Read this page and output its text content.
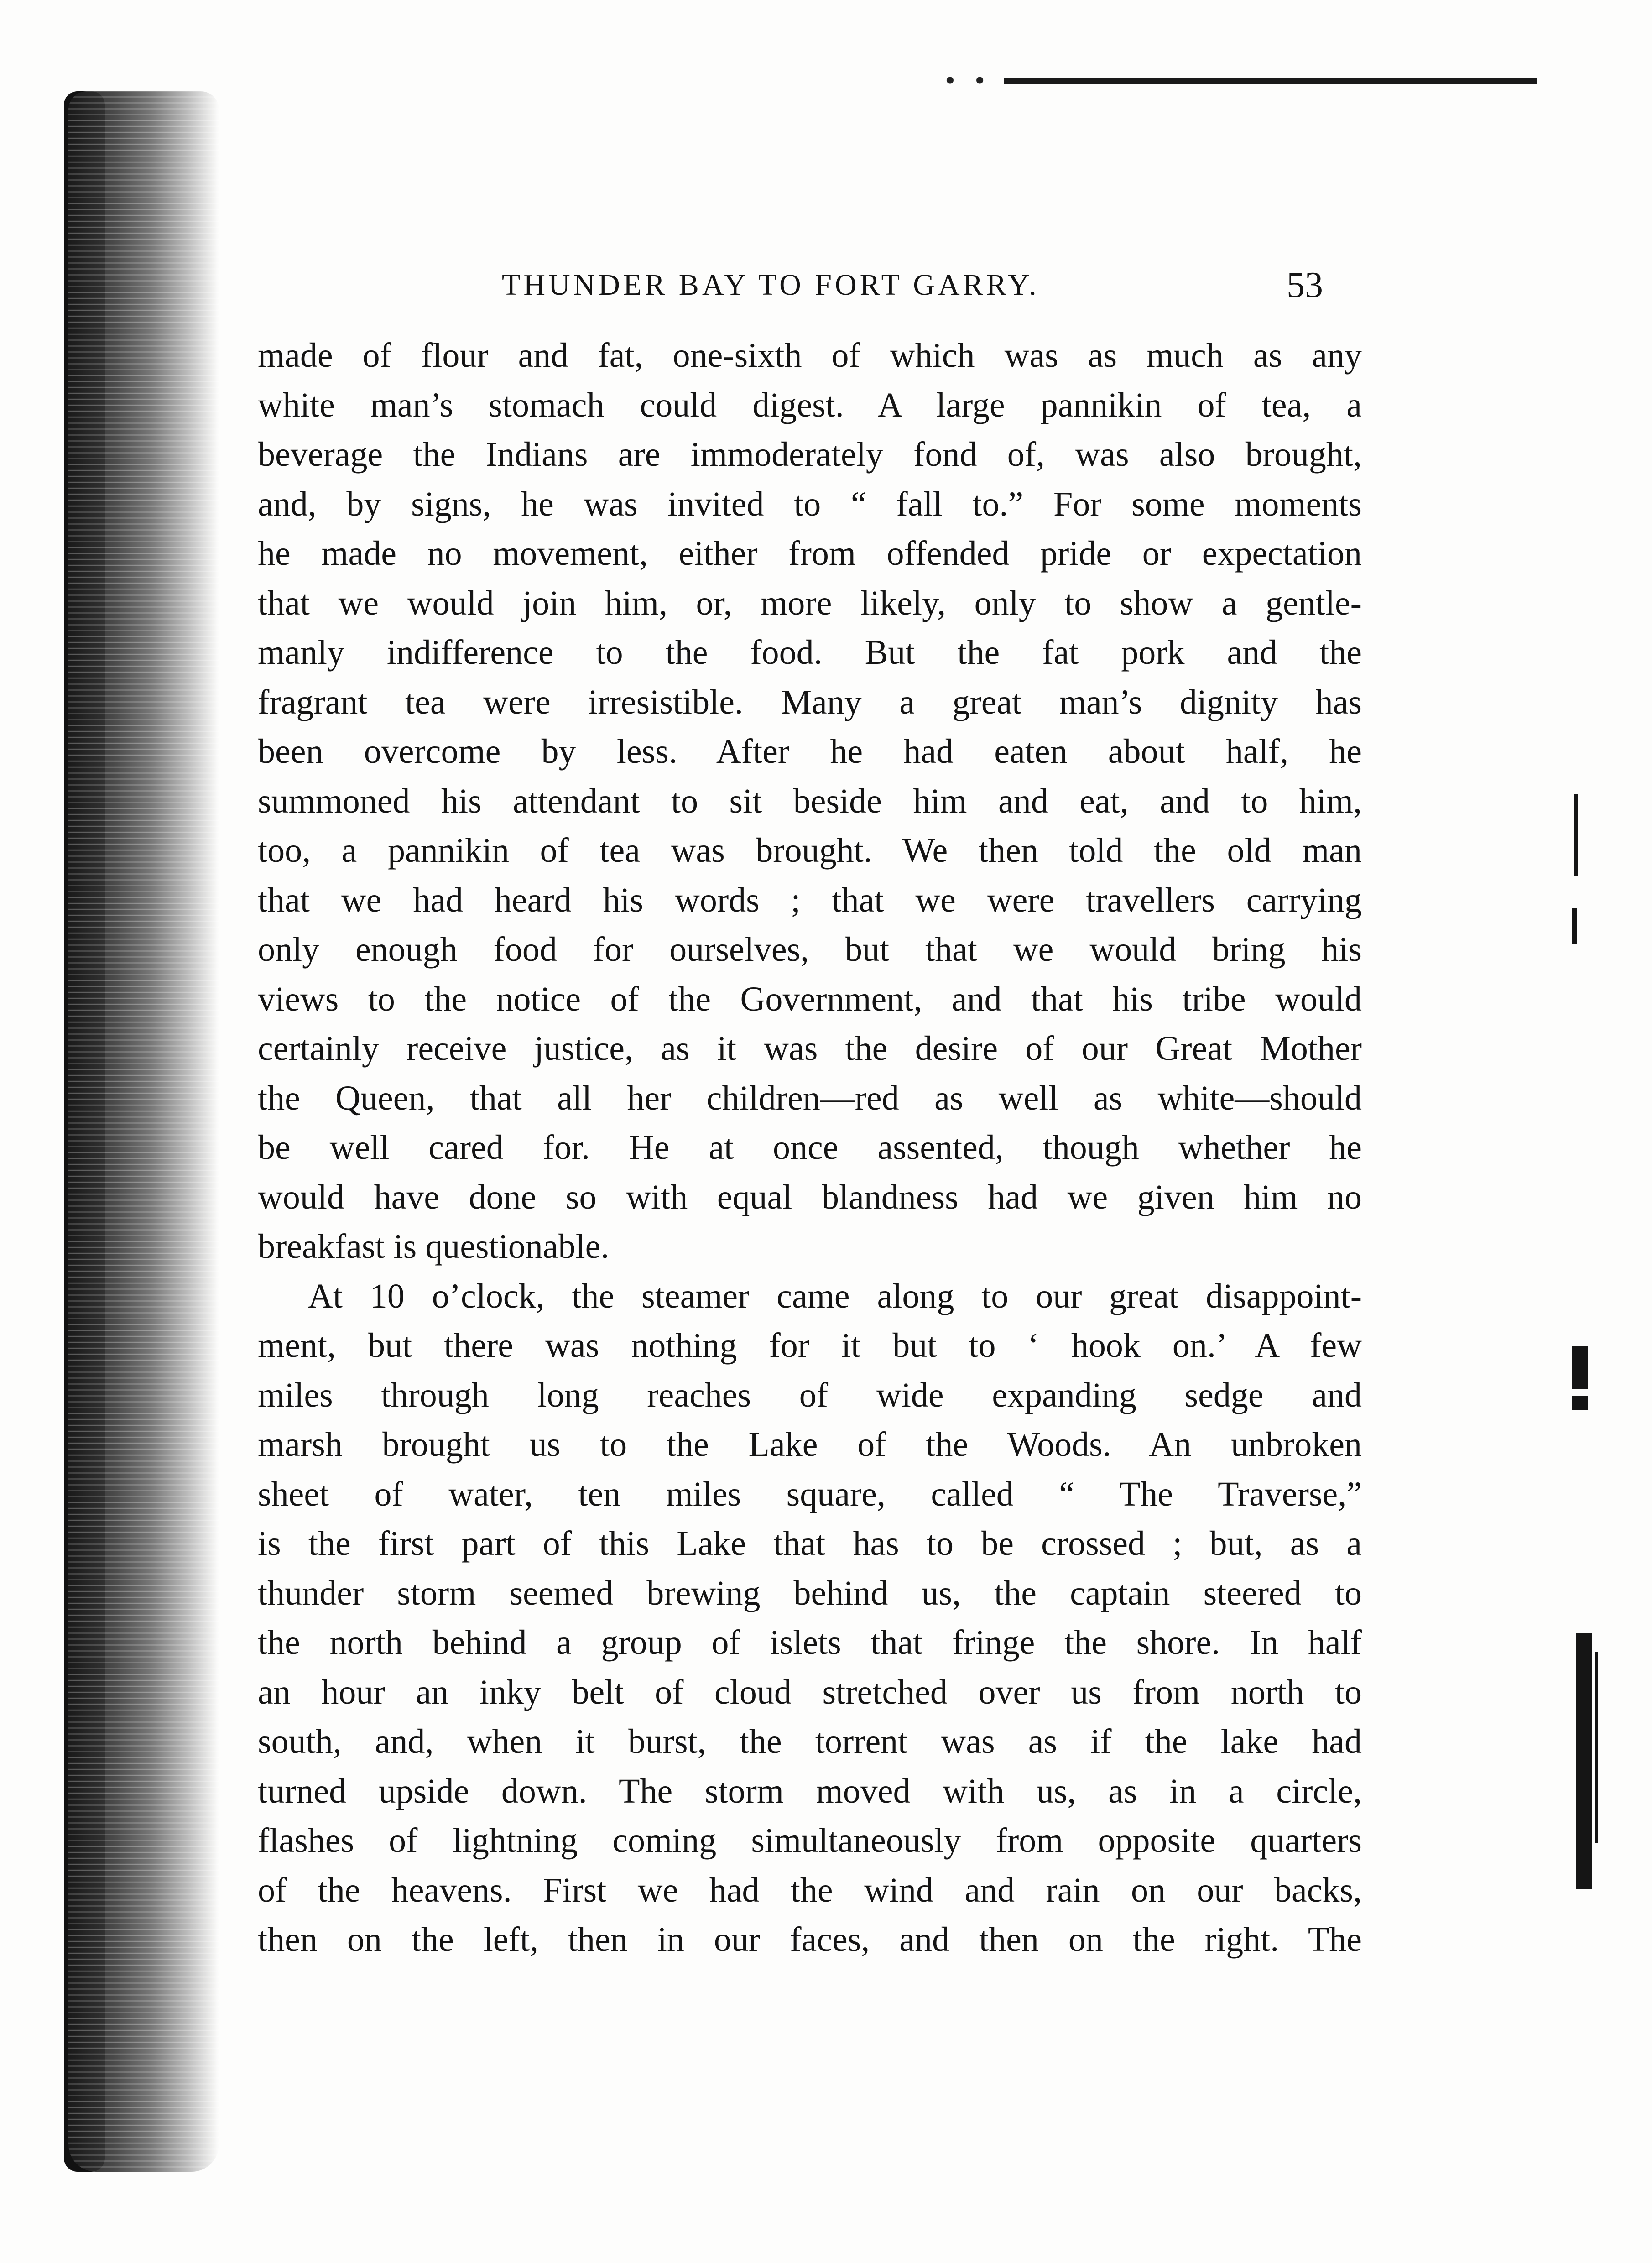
THUNDER BAY TO FORT GARRY.	53
made of flour and fat, one-sixth of which was as much as any
white man’s stomach could digest. A large pannikin of tea, a
beverage the Indians are immoderately fond of, was also brought,
and, by signs, he was invited to “ fall to.” For some moments
he made no movement, either from offended pride or expectation
that we would join him, or, more likely, only to show a gentle-
manly indifference to the food. But the fat pork and the
fragrant tea were irresistible. Many a great man’s dignity has
been overcome by less. After he had eaten about half, he
summoned his attendant to sit beside him and eat, and to him,
too, a pannikin of tea was brought. We then told the old man
that we had heard his words ; that we were travellers carrying
only enough food for ourselves, but that we would bring his
views to the notice of the Government, and that his tribe would
certainly receive justice, as it was the desire of our Great Mother
the Queen, that all her children—red as well as white—should
be well cared for. He at once assented, though whether he
would have done so with equal blandness had we given him no
breakfast is questionable.
At 10 o’clock, the steamer came along to our great disappoint-
ment, but there was nothing for it but to ‘ hook on.’ A few
miles through long reaches of wide expanding sedge and
marsh brought us to the Lake of the Woods. An unbroken
sheet of water, ten miles square, called “ The Traverse,”
is the first part of this Lake that has to be crossed ; but, as a
thunder storm seemed brewing behind us, the captain steered to
the north behind a group of islets that fringe the shore. In half
an hour an inky belt of cloud stretched over us from north to
south, and, when it burst, the torrent was as if the lake had
turned upside down. The storm moved with us, as in a circle,
flashes of lightning coming simultaneously from opposite quarters
of the heavens. First we had the wind and rain on our backs,
then on the left, then in our faces, and then on the right. The
